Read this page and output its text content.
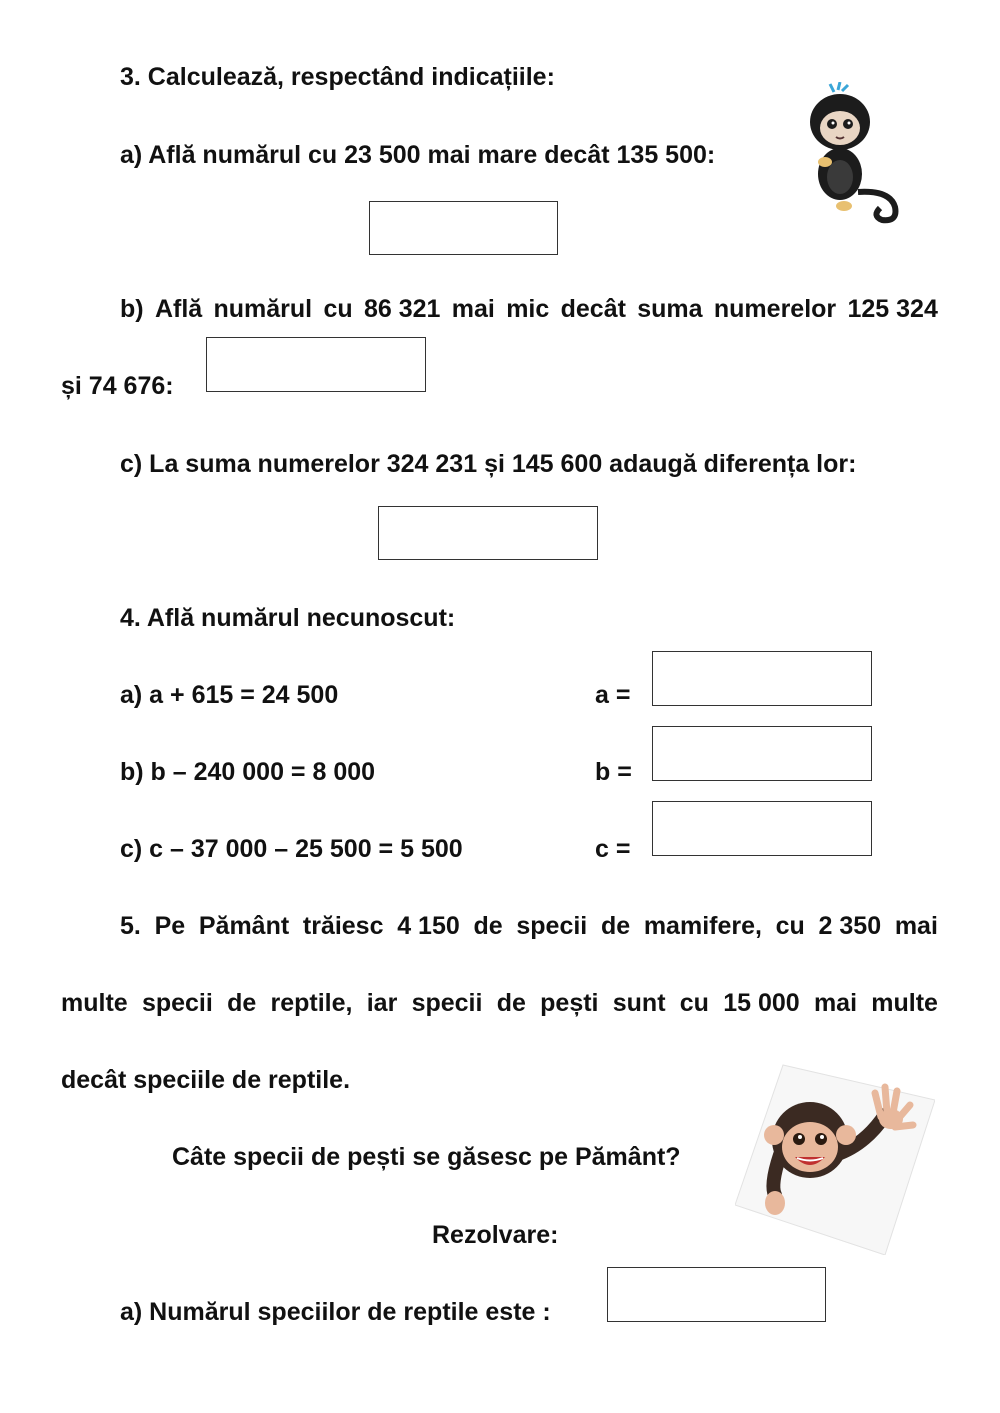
3. Calculează, respectând indicațiile:
a) Află numărul cu 23 500 mai mare decât 135 500:
b) Află numărul cu 86 321 mai mic decât suma numerelor 125 324
și 74 676:
c) La suma numerelor 324 231 și 145 600 adaugă diferența lor:
4. Află numărul necunoscut:
a) a + 615 = 24 500	a =
b) b – 240 000 = 8 000	b =
c) c – 37 000 – 25 500 = 5 500	c =
5. Pe Pământ trăiesc 4 150 de specii de mamifere, cu 2 350 mai
multe specii de reptile, iar specii de pești sunt cu 15 000 mai multe
decât speciile de reptile.
Câte specii de pești se găsesc pe Pământ?
Rezolvare:
a) Numărul speciilor de reptile este :
